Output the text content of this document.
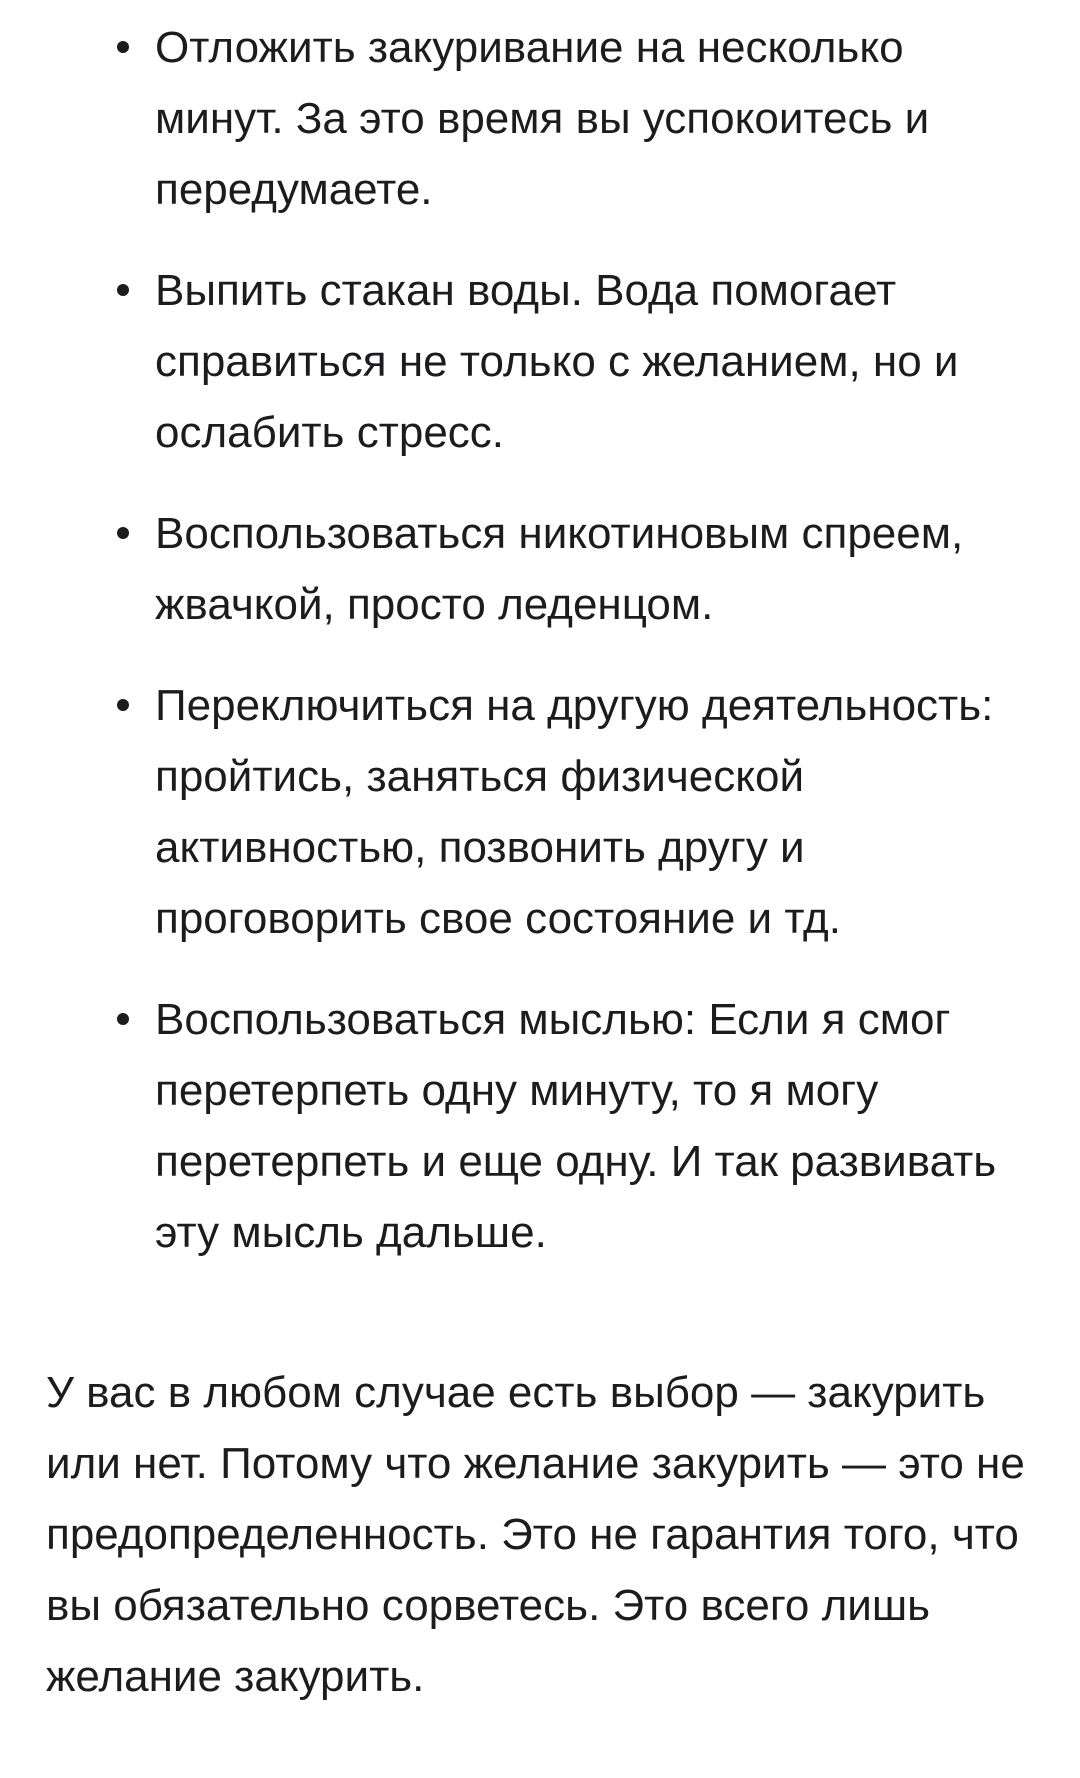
Отложить закуривание на несколько минут. За это время вы успокоитесь и передумаете.
Выпить стакан воды. Вода помогает справиться не только с желанием, но и ослабить стресс.
Воспользоваться никотиновым спреем, жвачкой, просто леденцом.
Переключиться на другую деятельность: пройтись, заняться физической активностью, позвонить другу и проговорить свое состояние и тд.
Воспользоваться мыслью: Если я смог перетерпеть одну минуту, то я могу перетерпеть и еще одну. И так развивать эту мысль дальше.

У вас в любом случае есть выбор — закурить или нет. Потому что желание закурить — это не предопределенность. Это не гарантия того, что вы обязательно сорветесь. Это всего лишь желание закурить.
